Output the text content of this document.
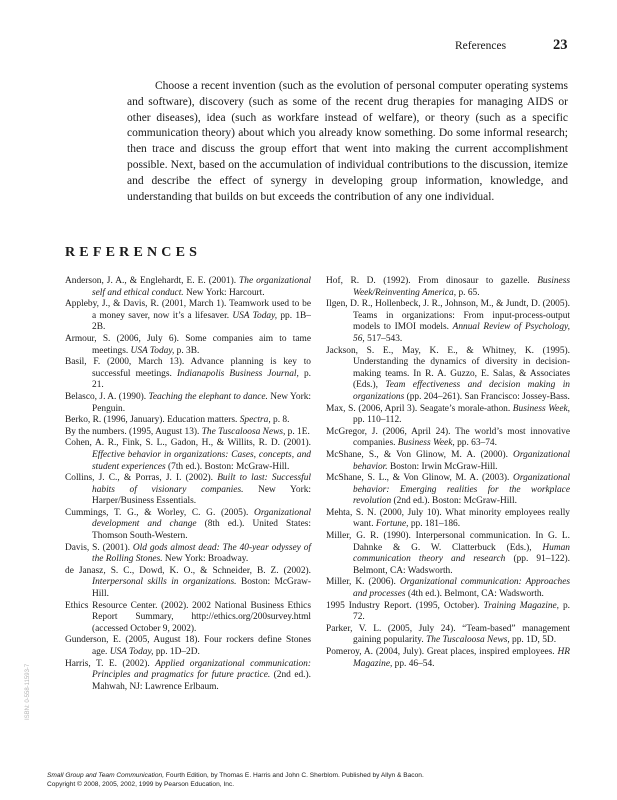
References	23

Choose a recent invention (such as the evolution of personal computer operating systems and software), discovery (such as some of the recent drug therapies for managing AIDS or other diseases), idea (such as workfare instead of welfare), or theory (such as a specific communication theory) about which you already know something. Do some informal research; then trace and discuss the group effort that went into making the current accomplishment possible. Next, based on the accumulation of individual contributions to the discussion, itemize and describe the effect of synergy in developing group information, knowledge, and understanding that builds on but exceeds the contribution of any one individual.

REFERENCES

Anderson, J. A., & Englehardt, E. E. (2001). The organizational self and ethical conduct. New York: Harcourt.

Appleby, J., & Davis, R. (2001, March 1). Teamwork used to be a money saver, now it’s a lifesaver. USA Today, pp. 1B–2B.

Armour, S. (2006, July 6). Some companies aim to tame meetings. USA Today, p. 3B.

Basil, F. (2000, March 13). Advance planning is key to successful meetings. Indianapolis Business Journal, p. 21.

Belasco, J. A. (1990). Teaching the elephant to dance. New York: Penguin.

Berko, R. (1996, January). Education matters. Spectra, p. 8.

By the numbers. (1995, August 13). The Tuscaloosa News, p. 1E.

Cohen, A. R., Fink, S. L., Gadon, H., & Willits, R. D. (2001). Effective behavior in organizations: Cases, concepts, and student experiences (7th ed.). Boston: McGraw-Hill.

Collins, J. C., & Porras, J. I. (2002). Built to last: Successful habits of visionary companies. New York: Harper/Business Essentials.

Cummings, T. G., & Worley, C. G. (2005). Organizational development and change (8th ed.). United States: Thomson South-Western.

Davis, S. (2001). Old gods almost dead: The 40-year odyssey of the Rolling Stones. New York: Broadway.

de Janasz, S. C., Dowd, K. O., & Schneider, B. Z. (2002). Interpersonal skills in organizations. Boston: McGraw-Hill.

Ethics Resource Center. (2002). 2002 National Business Ethics Report Summary, http://ethics.org/200survey.html (accessed October 9, 2002).

Gunderson, E. (2005, August 18). Four rockers define Stones age. USA Today, pp. 1D–2D.

Harris, T. E. (2002). Applied organizational communication: Principles and pragmatics for future practice. (2nd ed.). Mahwah, NJ: Lawrence Erlbaum.

Hof, R. D. (1992). From dinosaur to gazelle. Business Week/Reinventing America, p. 65.

Ilgen, D. R., Hollenbeck, J. R., Johnson, M., & Jundt, D. (2005). Teams in organizations: From input-process-output models to IMOI models. Annual Review of Psychology, 56, 517–543.

Jackson, S. E., May, K. E., & Whitney, K. (1995). Understanding the dynamics of diversity in decision-making teams. In R. A. Guzzo, E. Salas, & Associates (Eds.), Team effectiveness and decision making in organizations (pp. 204–261). San Francisco: Jossey-Bass.

Max, S. (2006, April 3). Seagate’s morale-athon. Business Week, pp. 110–112.

McGregor, J. (2006, April 24). The world’s most innovative companies. Business Week, pp. 63–74.

McShane, S., & Von Glinow, M. A. (2000). Organizational behavior. Boston: Irwin McGraw-Hill.

McShane, S. L., & Von Glinow, M. A. (2003). Organizational behavior: Emerging realities for the workplace revolution (2nd ed.). Boston: McGraw-Hill.

Mehta, S. N. (2000, July 10). What minority employees really want. Fortune, pp. 181–186.

Miller, G. R. (1990). Interpersonal communication. In G. L. Dahnke & G. W. Clatterbuck (Eds.), Human communication theory and research (pp. 91–122). Belmont, CA: Wadsworth.

Miller, K. (2006). Organizational communication: Approaches and processes (4th ed.). Belmont, CA: Wadsworth.

1995 Industry Report. (1995, October). Training Magazine, p. 72.

Parker, V. L. (2005, July 24). “Team-based” management gaining popularity. The Tuscaloosa News, pp. 1D, 5D.

Pomeroy, A. (2004, July). Great places, inspired employees. HR Magazine, pp. 46–54.

ISBN: 0-558-11593-7
Small Group and Team Communication, Fourth Edition, by Thomas E. Harris and John C. Sherblom. Published by Allyn & Bacon.
Copyright © 2008, 2005, 2002, 1999 by Pearson Education, Inc.
